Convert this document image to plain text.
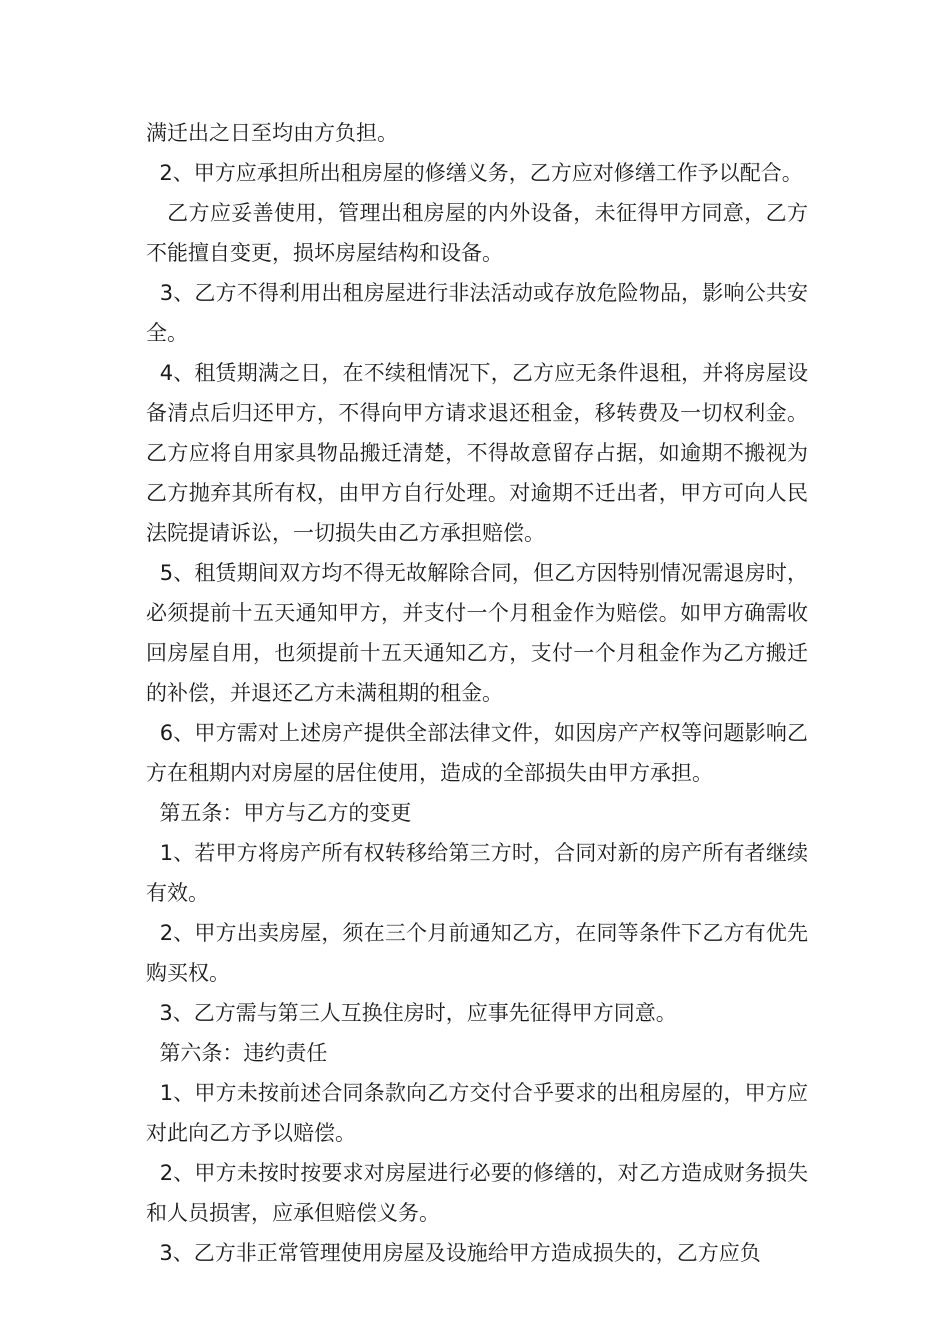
满迁出之日至均由方负担。

2、甲方应承担所出租房屋的修缮义务，乙方应对修缮工作予以配合。

乙方应妥善使用，管理出租房屋的内外设备，未征得甲方同意，乙方不能擅自变更，损坏房屋结构和设备。

3、乙方不得利用出租房屋进行非法活动或存放危险物品，影响公共安全。

4、租赁期满之日，在不续租情况下，乙方应无条件退租，并将房屋设备清点后归还甲方，不得向甲方请求退还租金，移转费及一切权利金。乙方应将自用家具物品搬迁清楚，不得故意留存占据，如逾期不搬视为乙方抛弃其所有权，由甲方自行处理。对逾期不迁出者，甲方可向人民法院提请诉讼，一切损失由乙方承担赔偿。

5、租赁期间双方均不得无故解除合同，但乙方因特别情况需退房时，必须提前十五天通知甲方，并支付一个月租金作为赔偿。如甲方确需收回房屋自用，也须提前十五天通知乙方，支付一个月租金作为乙方搬迁的补偿，并退还乙方未满租期的租金。

6、甲方需对上述房产提供全部法律文件，如因房产产权等问题影响乙方在租期内对房屋的居住使用，造成的全部损失由甲方承担。

第五条：甲方与乙方的变更

1、若甲方将房产所有权转移给第三方时，合同对新的房产所有者继续有效。

2、甲方出卖房屋，须在三个月前通知乙方，在同等条件下乙方有优先购买权。

3、乙方需与第三人互换住房时，应事先征得甲方同意。

第六条：违约责任

1、甲方未按前述合同条款向乙方交付合乎要求的出租房屋的，甲方应对此向乙方予以赔偿。

2、甲方未按时按要求对房屋进行必要的修缮的，对乙方造成财务损失和人员损害，应承但赔偿义务。

3、乙方非正常管理使用房屋及设施给甲方造成损失的，乙方应负
